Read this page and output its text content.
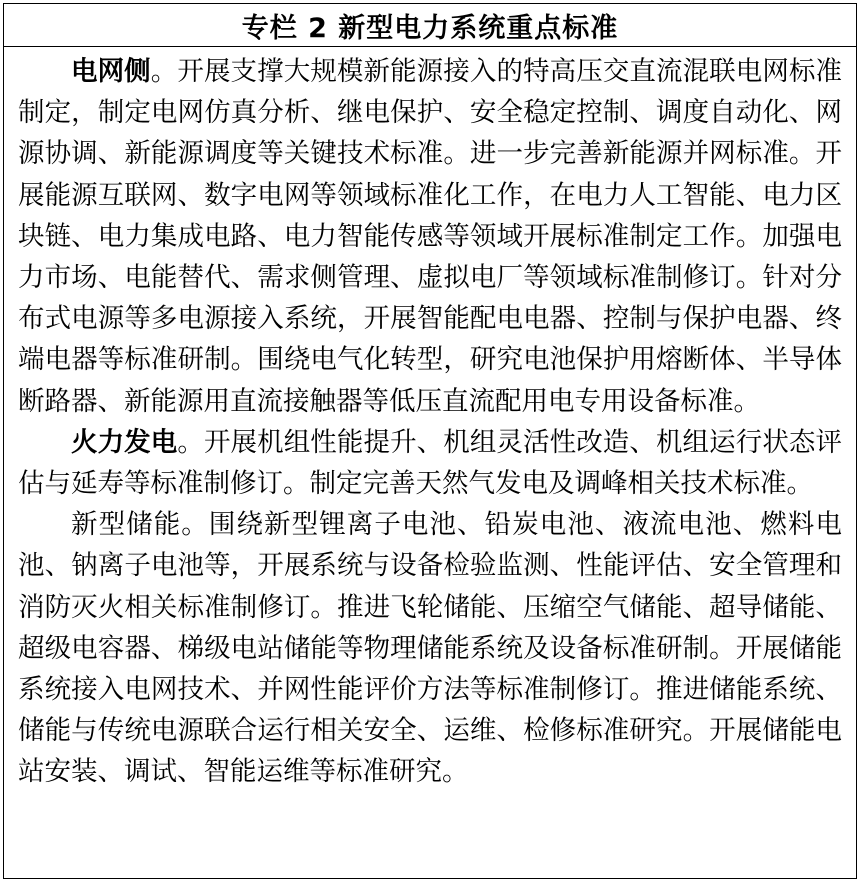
专栏 2 新型电力系统重点标准

电网侧。开展支撑大规模新能源接入的特高压交直流混联电网标准制定，制定电网仿真分析、继电保护、安全稳定控制、调度自动化、网源协调、新能源调度等关键技术标准。进一步完善新能源并网标准。开展能源互联网、数字电网等领域标准化工作，在电力人工智能、电力区块链、电力集成电路、电力智能传感等领域开展标准制定工作。加强电力市场、电能替代、需求侧管理、虚拟电厂等领域标准制修订。针对分布式电源等多电源接入系统，开展智能配电电器、控制与保护电器、终端电器等标准研制。围绕电气化转型，研究电池保护用熔断体、半导体断路器、新能源用直流接触器等低压直流配用电专用设备标准。

火力发电。开展机组性能提升、机组灵活性改造、机组运行状态评估与延寿等标准制修订。制定完善天然气发电及调峰相关技术标准。

新型储能。围绕新型锂离子电池、铅炭电池、液流电池、燃料电池、钠离子电池等，开展系统与设备检验监测、性能评估、安全管理和消防灭火相关标准制修订。推进飞轮储能、压缩空气储能、超导储能、超级电容器、梯级电站储能等物理储能系统及设备标准研制。开展储能系统接入电网技术、并网性能评价方法等标准制修订。推进储能系统、储能与传统电源联合运行相关安全、运维、检修标准研究。开展储能电站安装、调试、智能运维等标准研究。
